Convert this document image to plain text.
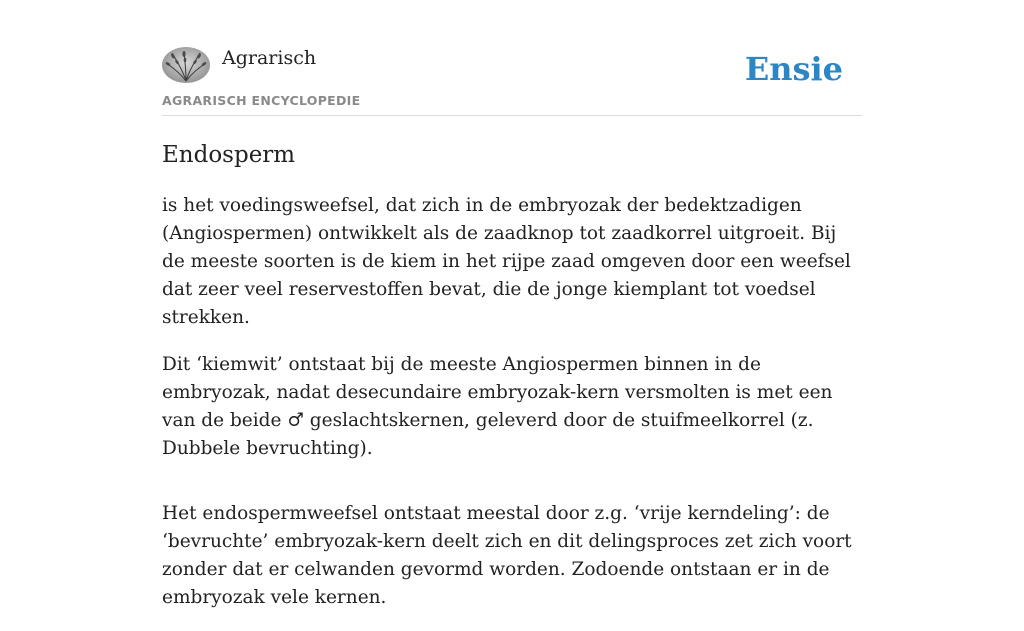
Agrarisch
AGRARISCH ENCYCLOPEDIE
Ensie
Endosperm

is het voedingsweefsel, dat zich in de embryozak der bedektzadigen (Angiospermen) ontwikkelt als de zaadknop tot zaadkorrel uitgroeit. Bij de meeste soorten is de kiem in het rijpe zaad omgeven door een weefsel dat zeer veel reservestoffen bevat, die de jonge kiemplant tot voedsel strekken.

Dit ‘kiemwit’ ontstaat bij de meeste Angiospermen binnen in de embryozak, nadat desecundaire embryozak-kern versmolten is met een van de beide ♂ geslachtskernen, geleverd door de stuifmeelkorrel (z. Dubbele bevruchting).

Het endospermweefsel ontstaat meestal door z.g. ‘vrije kerndeling’: de ‘bevruchte’ embryozak-kern deelt zich en dit delingsproces zet zich voort zonder dat er celwanden gevormd worden. Zodoende ontstaan er in de embryozak vele kernen.
